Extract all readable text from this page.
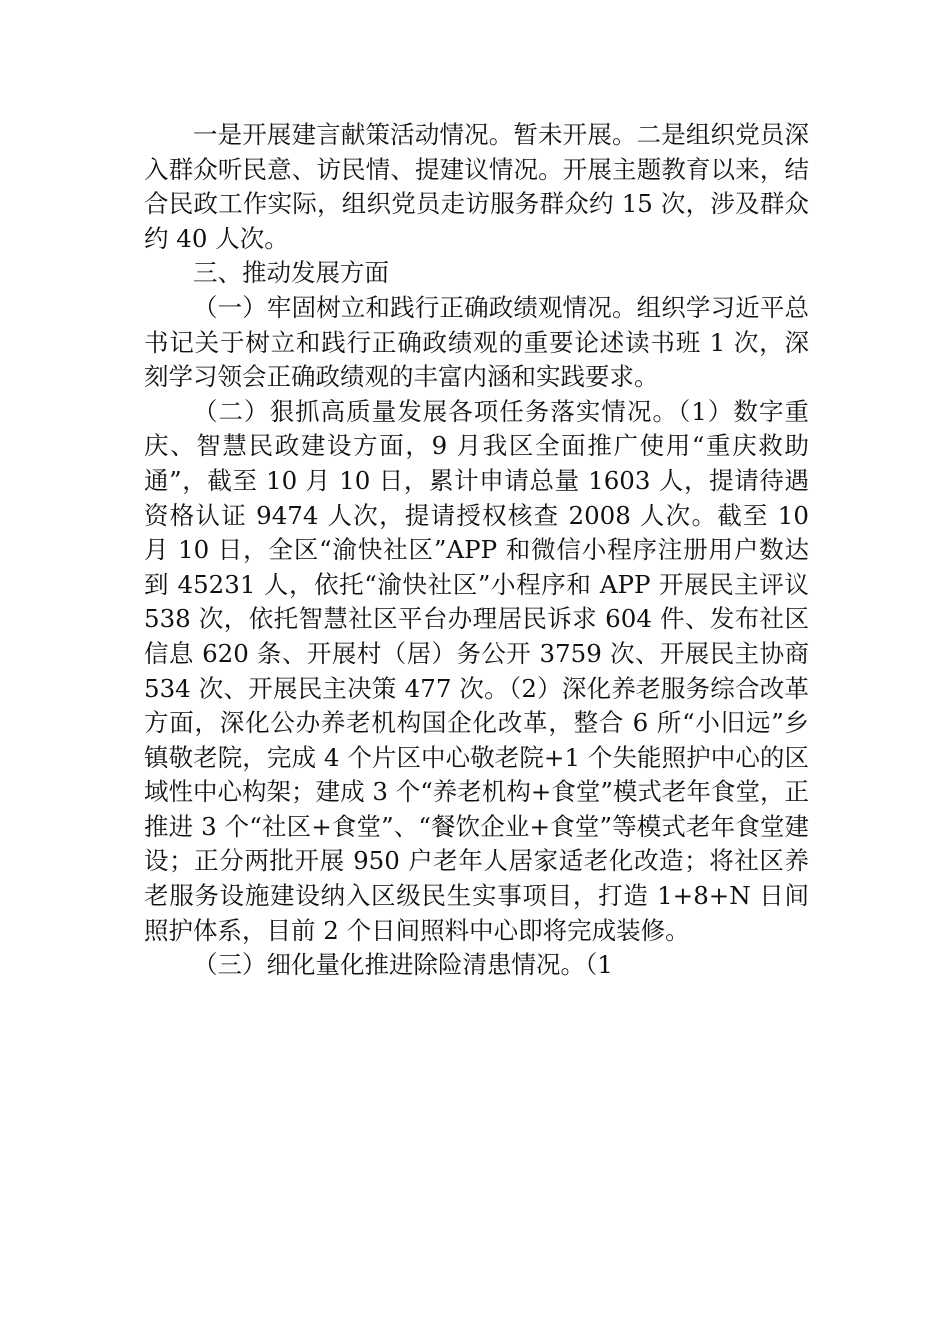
一是开展建言献策活动情况。暂未开展。二是组织党员深入群众听民意、访民情、提建议情况。开展主题教育以来，结合民政工作实际，组织党员走访服务群众约 15 次，涉及群众约 40 人次。

三、推动发展方面

（一）牢固树立和践行正确政绩观情况。组织学习近平总书记关于树立和践行正确政绩观的重要论述读书班 1 次，深刻学习领会正确政绩观的丰富内涵和实践要求。

（二）狠抓高质量发展各项任务落实情况。（1）数字重庆、智慧民政建设方面，9 月我区全面推广使用“重庆救助通”，截至 10 月 10 日，累计申请总量 1603 人，提请待遇资格认证 9474 人次，提请授权核查 2008 人次。截至 10 月 10 日，全区“渝快社区”APP 和微信小程序注册用户数达到 45231 人，依托“渝快社区”小程序和 APP 开展民主评议 538 次，依托智慧社区平台办理居民诉求 604 件、发布社区信息 620 条、开展村（居）务公开 3759 次、开展民主协商 534 次、开展民主决策 477 次。（2）深化养老服务综合改革方面，深化公办养老机构国企化改革，整合 6 所“小旧远”乡镇敬老院，完成 4 个片区中心敬老院+1 个失能照护中心的区域性中心构架；建成 3 个“养老机构+食堂”模式老年食堂，正推进 3 个“社区+食堂”、“餐饮企业+食堂”等模式老年食堂建设；正分两批开展 950 户老年人居家适老化改造；将社区养老服务设施建设纳入区级民生实事项目，打造 1+8+N 日间照护体系，目前 2 个日间照料中心即将完成装修。

（三）细化量化推进除险清患情况。（1
